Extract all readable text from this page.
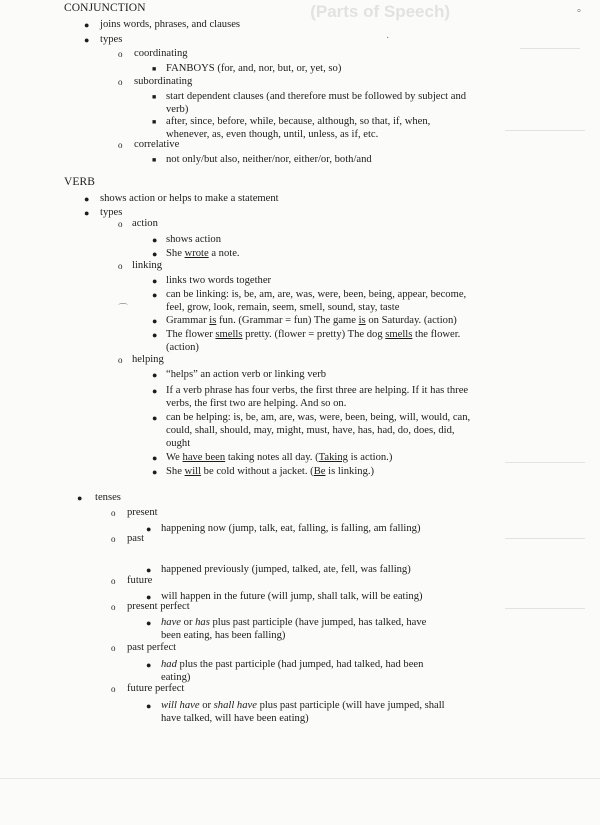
(Parts of Speech)	°
·
⌒
CONJUNCTION
● joins words, phrases, and clauses
● types
o coordinating
■ FANBOYS (for, and, nor, but, or, yet, so)
o subordinating
■ start dependent clauses (and therefore must be followed by subject and
verb)
■ after, since, before, while, because, although, so that, if, when,
whenever, as, even though, until, unless, as if, etc.
o correlative
■ not only/but also, neither/nor, either/or, both/and
VERB
● shows action or helps to make a statement
● types
o action
● shows action
● She wrote a note.
o linking
● links two words together
● can be linking: is, be, am, are, was, were, been, being, appear, become,
feel, grow, look, remain, seem, smell, sound, stay, taste
● Grammar is fun. (Grammar = fun) The game is on Saturday. (action)
● The flower smells pretty. (flower = pretty) The dog smells the flower.
(action)
o helping
● “helps” an action verb or linking verb
● If a verb phrase has four verbs, the first three are helping. If it has three
verbs, the first two are helping. And so on.
● can be helping: is, be, am, are, was, were, been, being, will, would, can,
could, shall, should, may, might, must, have, has, had, do, does, did,
ought
● We have been taking notes all day. (Taking is action.)
● She will be cold without a jacket. (Be is linking.)
● tenses
o present
● happening now (jump, talk, eat, falling, is falling, am falling)
o past
● happened previously (jumped, talked, ate, fell, was falling)
o future
● will happen in the future (will jump, shall talk, will be eating)
o present perfect
● have or has plus past participle (have jumped, has talked, have
been eating, has been falling)
o past perfect
● had plus the past participle (had jumped, had talked, had been
eating)
o future perfect
● will have or shall have plus past participle (will have jumped, shall
have talked, will have been eating)
